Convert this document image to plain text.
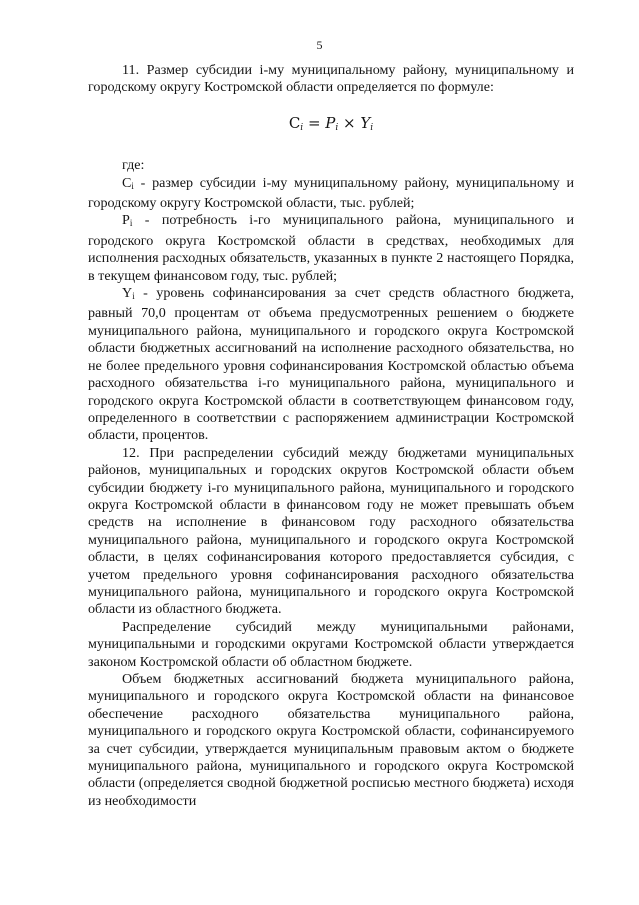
5

11. Размер субсидии i-му муниципальному району, муниципальному и городскому округу Костромской области определяется по формуле:

$C_i = P_i \times Y_i$

где:

$C_i$ - размер субсидии i-му муниципальному району, муниципальному и городскому округу Костромской области, тыс. рублей;

$P_i$ - потребность i-го муниципального района, муниципального и городского округа Костромской области в средствах, необходимых для исполнения расходных обязательств, указанных в пункте 2 настоящего Порядка, в текущем финансовом году, тыс. рублей;

$Y_i$ - уровень софинансирования за счет средств областного бюджета, равный 70,0 процентам от объема предусмотренных решением о бюджете муниципального района, муниципального и городского округа Костромской области бюджетных ассигнований на исполнение расходного обязательства, но не более предельного уровня софинансирования Костромской областью объема расходного обязательства i-го муниципального района, муниципального и городского округа Костромской области в соответствующем финансовом году, определенного в соответствии с распоряжением администрации Костромской области, процентов.

12. При распределении субсидий между бюджетами муниципальных районов, муниципальных и городских округов Костромской области объем субсидии бюджету i-го муниципального района, муниципального и городского округа Костромской области в финансовом году не может превышать объем средств на исполнение в финансовом году расходного обязательства муниципального района, муниципального и городского округа Костромской области, в целях софинансирования которого предоставляется субсидия, с учетом предельного уровня софинансирования расходного обязательства муниципального района, муниципального и городского округа Костромской области из областного бюджета.

Распределение субсидий между муниципальными районами, муниципальными и городскими округами Костромской области утверждается законом Костромской области об областном бюджете.

Объем бюджетных ассигнований бюджета муниципального района, муниципального и городского округа Костромской области на финансовое обеспечение расходного обязательства муниципального района, муниципального и городского округа Костромской области, софинансируемого за счет субсидии, утверждается муниципальным правовым актом о бюджете муниципального района, муниципального и городского округа Костромской области (определяется сводной бюджетной росписью местного бюджета) исходя из необходимости
